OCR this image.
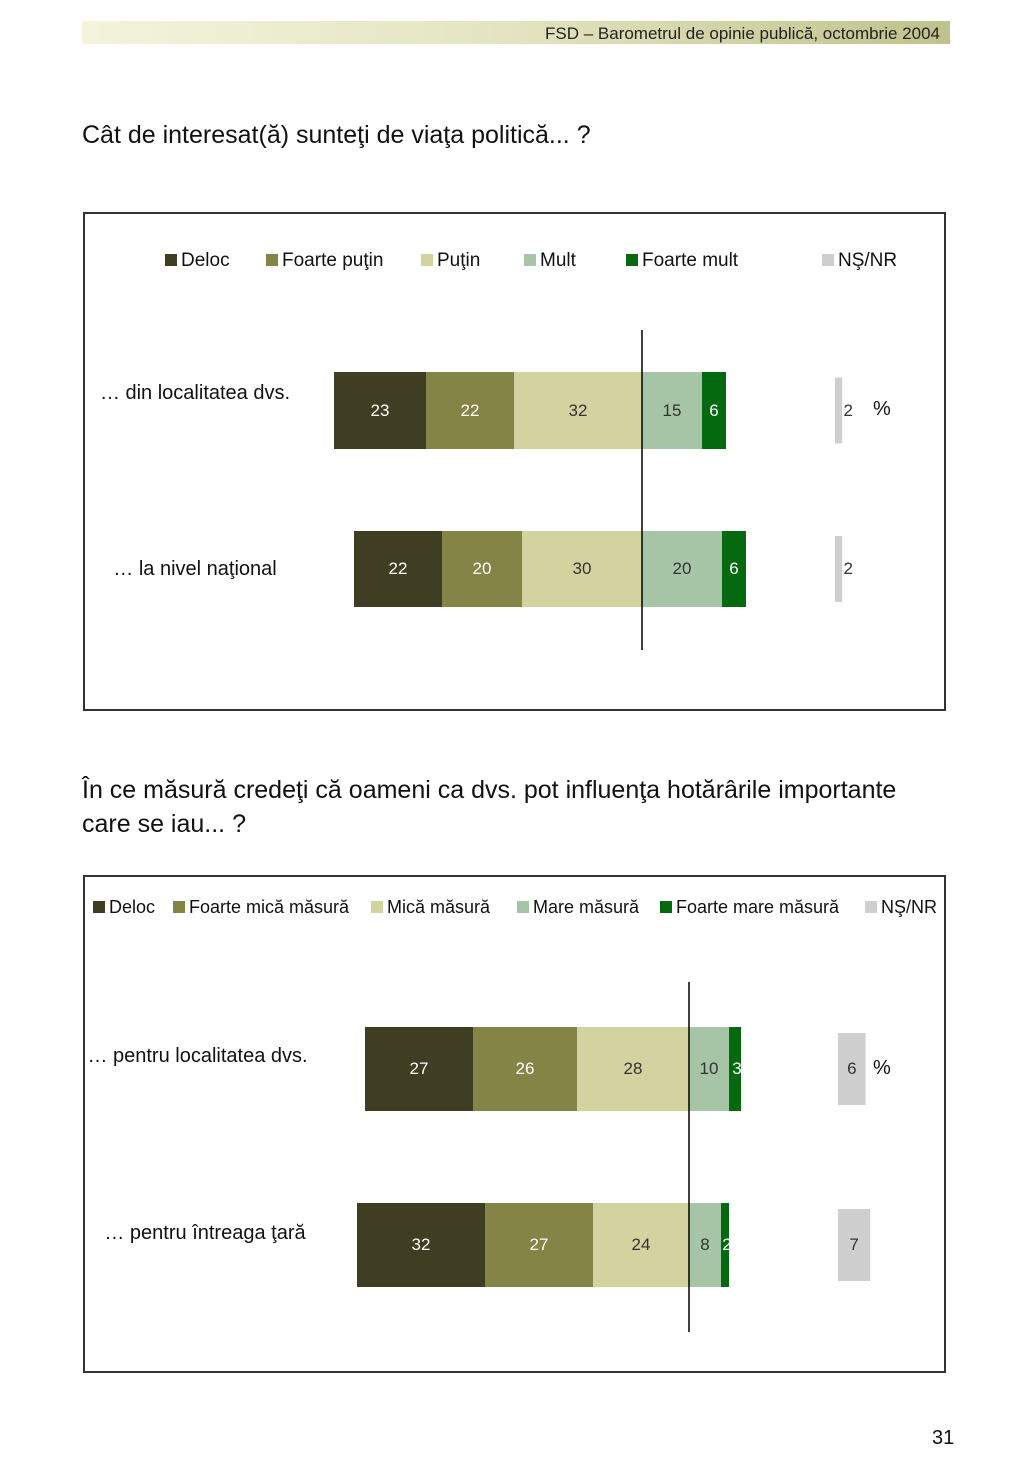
FSD – Barometrul de opinie publică, octombrie 2004
Cât de interesat(ă) sunteţi de viaţa politică... ?
Deloc	Foarte puţin	Puţin	Mult	Foarte mult	NŞ/NR
23	22	32	15 6	2
… din localitatea dvs.
22	20	30	20 6	2
… la nivel naţional
%
În ce măsură credeţi că oameni ca dvs. pot influenţa hotărârile importante care se iau... ?
Deloc	Foarte mică măsură	Mică măsură	Mare măsură	Foarte mare măsură	NŞ/NR
27	26	28	10 3	6
… pentru localitatea dvs.
32	27	24	8 2	7
… pentru întreaga ţară
%
31
